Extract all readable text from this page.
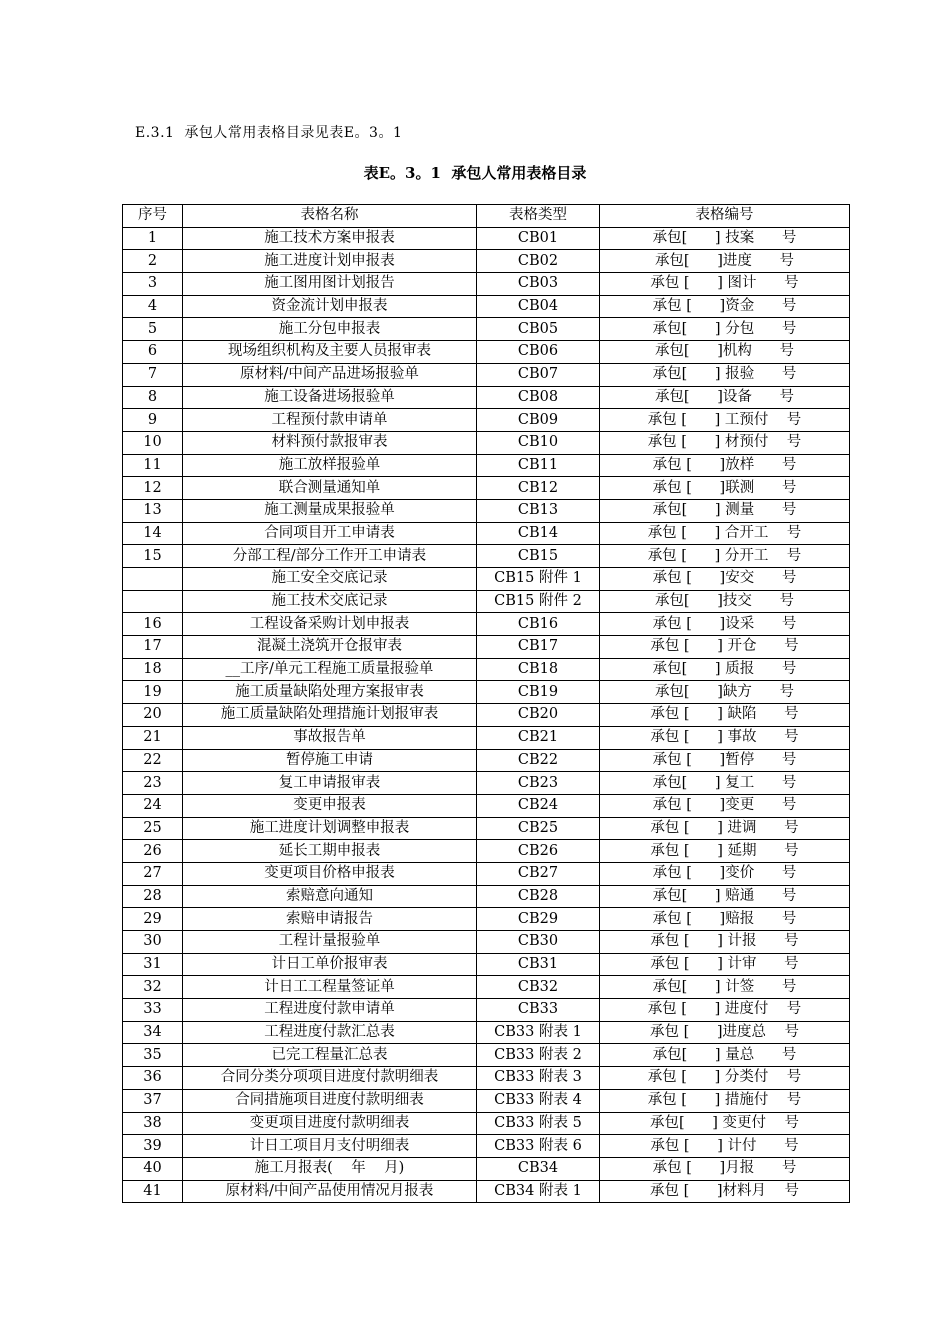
E.3.1  承包人常用表格目录见表E。3。1
表E。3。1  承包人常用表格目录
序号	表格名称	表格类型	表格编号
1	施工技术方案申报表	CB01	承包[      ] 技案      号
2	施工进度计划申报表	CB02	承包[      ]进度      号
3	施工图用图计划报告	CB03	承包 [      ] 图计      号
4	资金流计划申报表	CB04	承包 [      ]资金      号
5	施工分包申报表	CB05	承包[      ] 分包      号
6	现场组织机构及主要人员报审表	CB06	承包[      ]机构      号
7	原材料/中间产品进场报验单	CB07	承包[      ] 报验      号
8	施工设备进场报验单	CB08	承包[      ]设备      号
9	工程预付款申请单	CB09	承包 [      ] 工预付    号
10	材料预付款报审表	CB10	承包 [      ] 材预付    号
11	施工放样报验单	CB11	承包 [      ]放样      号
12	联合测量通知单	CB12	承包 [      ]联测      号
13	施工测量成果报验单	CB13	承包[      ] 测量      号
14	合同项目开工申请表	CB14	承包 [      ] 合开工    号
15	分部工程/部分工作开工申请表	CB15	承包 [      ] 分开工    号
	施工安全交底记录	CB15 附件 1	承包 [      ]安交      号
	施工技术交底记录	CB15 附件 2	承包[      ]技交      号
16	工程设备采购计划申报表	CB16	承包 [      ]设采      号
17	混凝土浇筑开仓报审表	CB17	承包 [      ] 开仓      号
18	__工序/单元工程施工质量报验单	CB18	承包[      ] 质报      号
19	施工质量缺陷处理方案报审表	CB19	承包[      ]缺方      号
20	施工质量缺陷处理措施计划报审表	CB20	承包 [      ] 缺陷      号
21	事故报告单	CB21	承包 [      ] 事故      号
22	暂停施工申请	CB22	承包 [      ]暂停      号
23	复工申请报审表	CB23	承包[      ] 复工      号
24	变更申报表	CB24	承包 [      ]变更      号
25	施工进度计划调整申报表	CB25	承包 [      ] 进调      号
26	延长工期申报表	CB26	承包 [      ] 延期      号
27	变更项目价格申报表	CB27	承包 [      ]变价      号
28	索赔意向通知	CB28	承包[      ] 赔通      号
29	索赔申请报告	CB29	承包 [      ]赔报      号
30	工程计量报验单	CB30	承包 [      ] 计报      号
31	计日工单价报审表	CB31	承包 [      ] 计审      号
32	计日工工程量签证单	CB32	承包[      ] 计签      号
33	工程进度付款申请单	CB33	承包 [      ] 进度付    号
34	工程进度付款汇总表	CB33 附表 1	承包 [      ]进度总    号
35	已完工程量汇总表	CB33 附表 2	承包[      ] 量总      号
36	合同分类分项项目进度付款明细表	CB33 附表 3	承包 [      ] 分类付    号
37	合同措施项目进度付款明细表	CB33 附表 4	承包 [      ] 措施付    号
38	变更项目进度付款明细表	CB33 附表 5	承包[      ] 变更付    号
39	计日工项目月支付明细表	CB33 附表 6	承包 [      ] 计付      号
40	施工月报表(    年    月)	CB34	承包 [      ]月报      号
41	原材料/中间产品使用情况月报表	CB34 附表 1	承包 [      ]材料月    号
